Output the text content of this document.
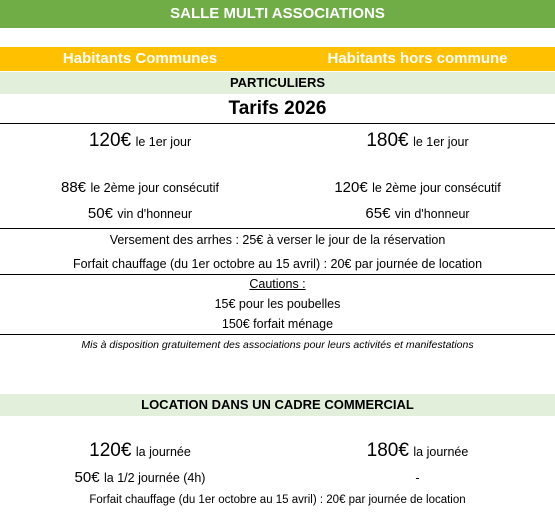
SALLE MULTI ASSOCIATIONS
Habitants Communes	Habitants hors commune
PARTICULIERS
Tarifs 2026
120€ le 1er jour	180€ le 1er jour
88€ le 2ème jour consécutif	120€ le 2ème jour consécutif
50€ vin d'honneur	65€ vin d'honneur
Versement des arrhes : 25€ à verser le jour de la réservation
Forfait chauffage (du 1er octobre au 15 avril) : 20€ par journée de location
Cautions :
15€ pour les poubelles
150€ forfait ménage
Mis à disposition gratuitement des associations pour leurs activités et manifestations
LOCATION DANS UN CADRE COMMERCIAL
120€ la journée	180€ la journée
50€ la 1/2 journée (4h)	-
Forfait chauffage (du 1er octobre au 15 avril) : 20€ par journée de location
